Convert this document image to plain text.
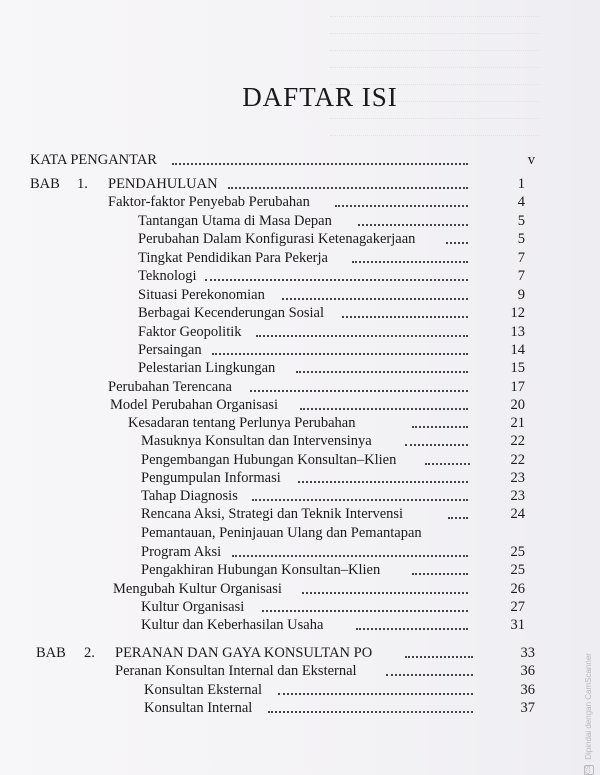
DAFTAR ISI
KATA PENGANTAR	v
BAB 1. PENDAHULUAN	1
Faktor-faktor Penyebab Perubahan	4
Tantangan Utama di Masa Depan	5
Perubahan Dalam Konfigurasi Ketenagakerjaan	5
Tingkat Pendidikan Para Pekerja	7
Teknologi	7
Situasi Perekonomian	9
Berbagai Kecenderungan Sosial	12
Faktor Geopolitik	13
Persaingan	14
Pelestarian Lingkungan	15
Perubahan Terencana	17
Model Perubahan Organisasi	20
Kesadaran tentang Perlunya Perubahan	21
Masuknya Konsultan dan Intervensinya	22
Pengembangan Hubungan Konsultan–Klien	22
Pengumpulan Informasi	23
Tahap Diagnosis	23
Rencana Aksi, Strategi dan Teknik Intervensi	24
Pemantauan, Peninjauan Ulang dan Pemantapan
Program Aksi	25
Pengakhiran Hubungan Konsultan–Klien	25
Mengubah Kultur Organisasi	26
Kultur Organisasi	27
Kultur dan Keberhasilan Usaha	31
BAB 2. PERANAN DAN GAYA KONSULTAN PO	33
Peranan Konsultan Internal dan Eksternal	36
Konsultan Eksternal	36
Konsultan Internal	37
CS Dipindai dengan CamScanner
